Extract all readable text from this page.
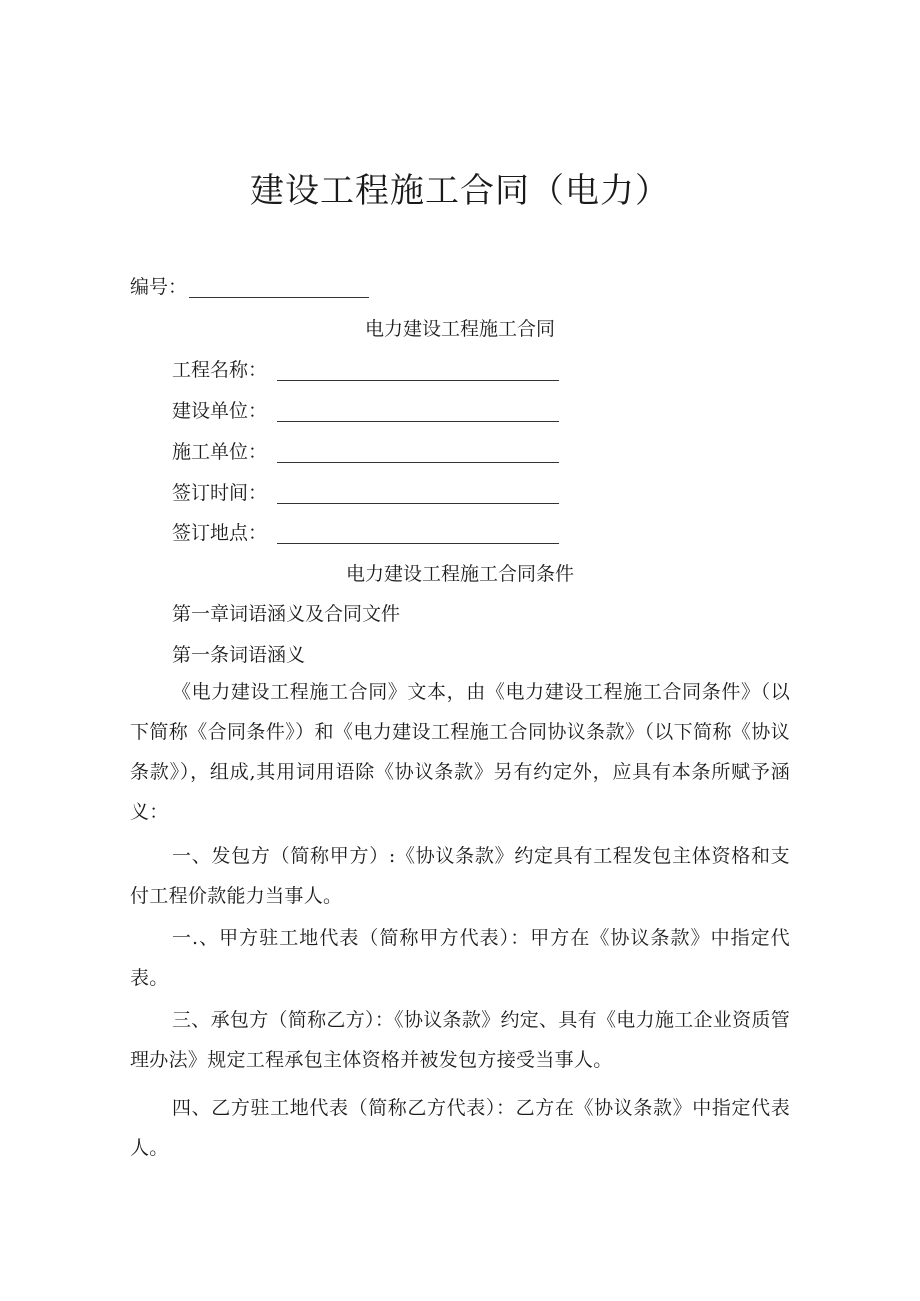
建设工程施工合同（电力）
编号：
电力建设工程施工合同
工程名称：
建设单位：
施工单位：
签订时间：
签订地点：
电力建设工程施工合同条件
第一章词语涵义及合同文件
第一条词语涵义
《电力建设工程施工合同》文本，由《电力建设工程施工合同条件》（以下简称《合同条件》）和《电力建设工程施工合同协议条款》（以下简称《协议条款》），组成,其用词用语除《协议条款》另有约定外，应具有本条所赋予涵义：
一、发包方（简称甲方）:《协议条款》约定具有工程发包主体资格和支付工程价款能力当事人。
一.、甲方驻工地代表（简称甲方代表）：甲方在《协议条款》中指定代表。
三、承包方（简称乙方）：《协议条款》约定、具有《电力施工企业资质管理办法》规定工程承包主体资格并被发包方接受当事人。
四、乙方驻工地代表（简称乙方代表）：乙方在《协议条款》中指定代表人。
